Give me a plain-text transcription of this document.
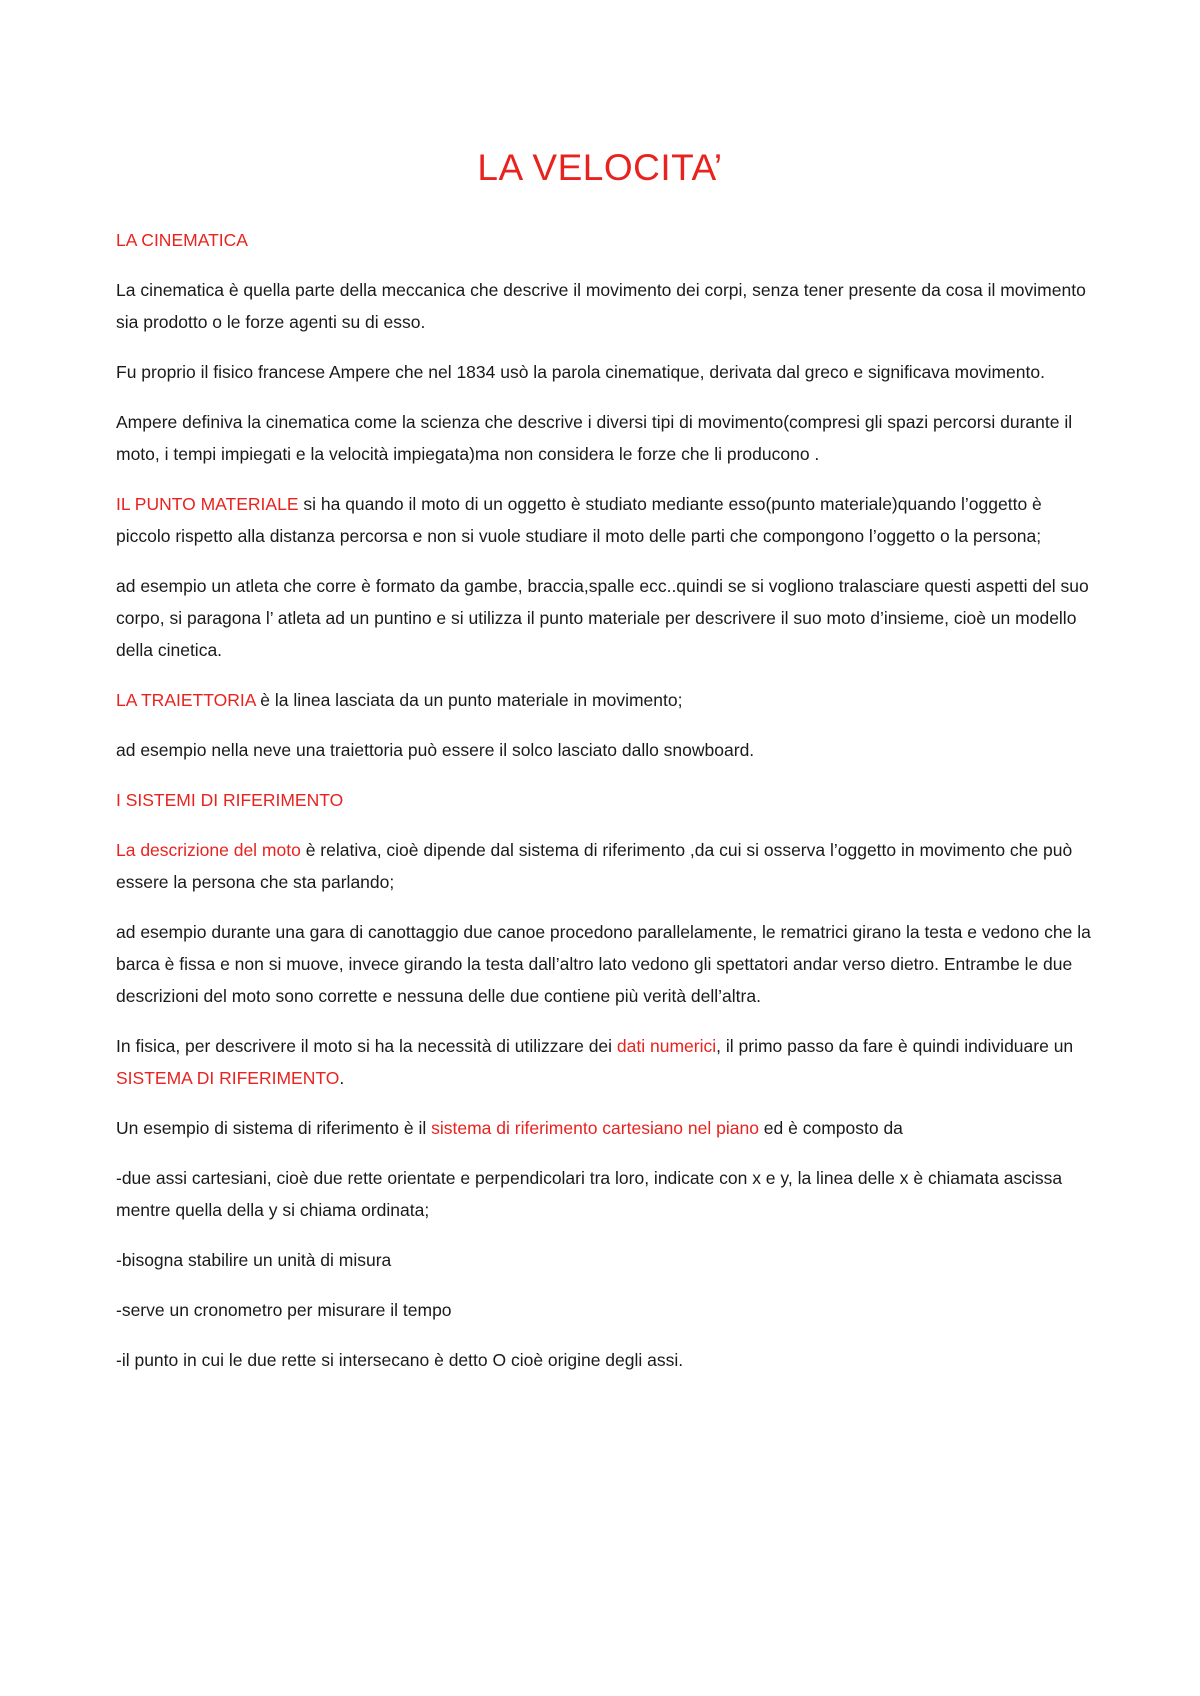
LA VELOCITA’

LA CINEMATICA

La cinematica è quella parte della meccanica che descrive il movimento dei corpi, senza tener presente da cosa il movimento sia prodotto o le forze agenti su di esso.

Fu proprio il fisico francese Ampere che nel 1834 usò la parola cinematique, derivata dal greco e significava movimento.

Ampere definiva la cinematica come la scienza che descrive i diversi tipi di movimento(compresi gli spazi percorsi durante il moto, i tempi impiegati e la velocità impiegata)ma non considera le forze che li producono .

IL PUNTO MATERIALE si ha quando il moto di un oggetto è studiato mediante esso(punto materiale)quando l’oggetto è piccolo rispetto alla distanza percorsa e non si vuole studiare il moto delle parti che compongono l’oggetto o la persona;

ad esempio un atleta che corre è formato da gambe, braccia,spalle ecc..quindi se si vogliono tralasciare questi aspetti del suo corpo, si paragona l’ atleta ad un puntino e si utilizza il punto materiale per descrivere il suo moto d’insieme, cioè un modello della cinetica.

LA TRAIETTORIA è la linea lasciata da un punto materiale in movimento;

ad esempio nella neve una traiettoria può essere il solco lasciato dallo snowboard.

I SISTEMI DI RIFERIMENTO

La descrizione del moto è relativa, cioè dipende dal sistema di riferimento ,da cui si osserva l’oggetto in movimento che può essere la persona che sta parlando;

ad esempio durante una gara di canottaggio due canoe procedono parallelamente, le rematrici girano la testa e vedono che la barca è fissa e non si muove, invece girando la testa dall’altro lato vedono gli spettatori andar verso dietro. Entrambe le due descrizioni del moto sono corrette e nessuna delle due contiene più verità dell’altra.

In fisica, per descrivere il moto si ha la necessità di utilizzare dei dati numerici, il primo passo da fare è quindi individuare un SISTEMA DI RIFERIMENTO.

Un esempio di sistema di riferimento è il sistema di riferimento cartesiano nel piano ed è composto da

-due assi cartesiani, cioè due rette orientate e perpendicolari tra loro, indicate con x e y, la linea delle x è chiamata ascissa mentre quella della y si chiama ordinata;

-bisogna stabilire un unità di misura

-serve un cronometro per misurare il tempo

-il punto in cui le due rette si intersecano è detto O cioè origine degli assi.
